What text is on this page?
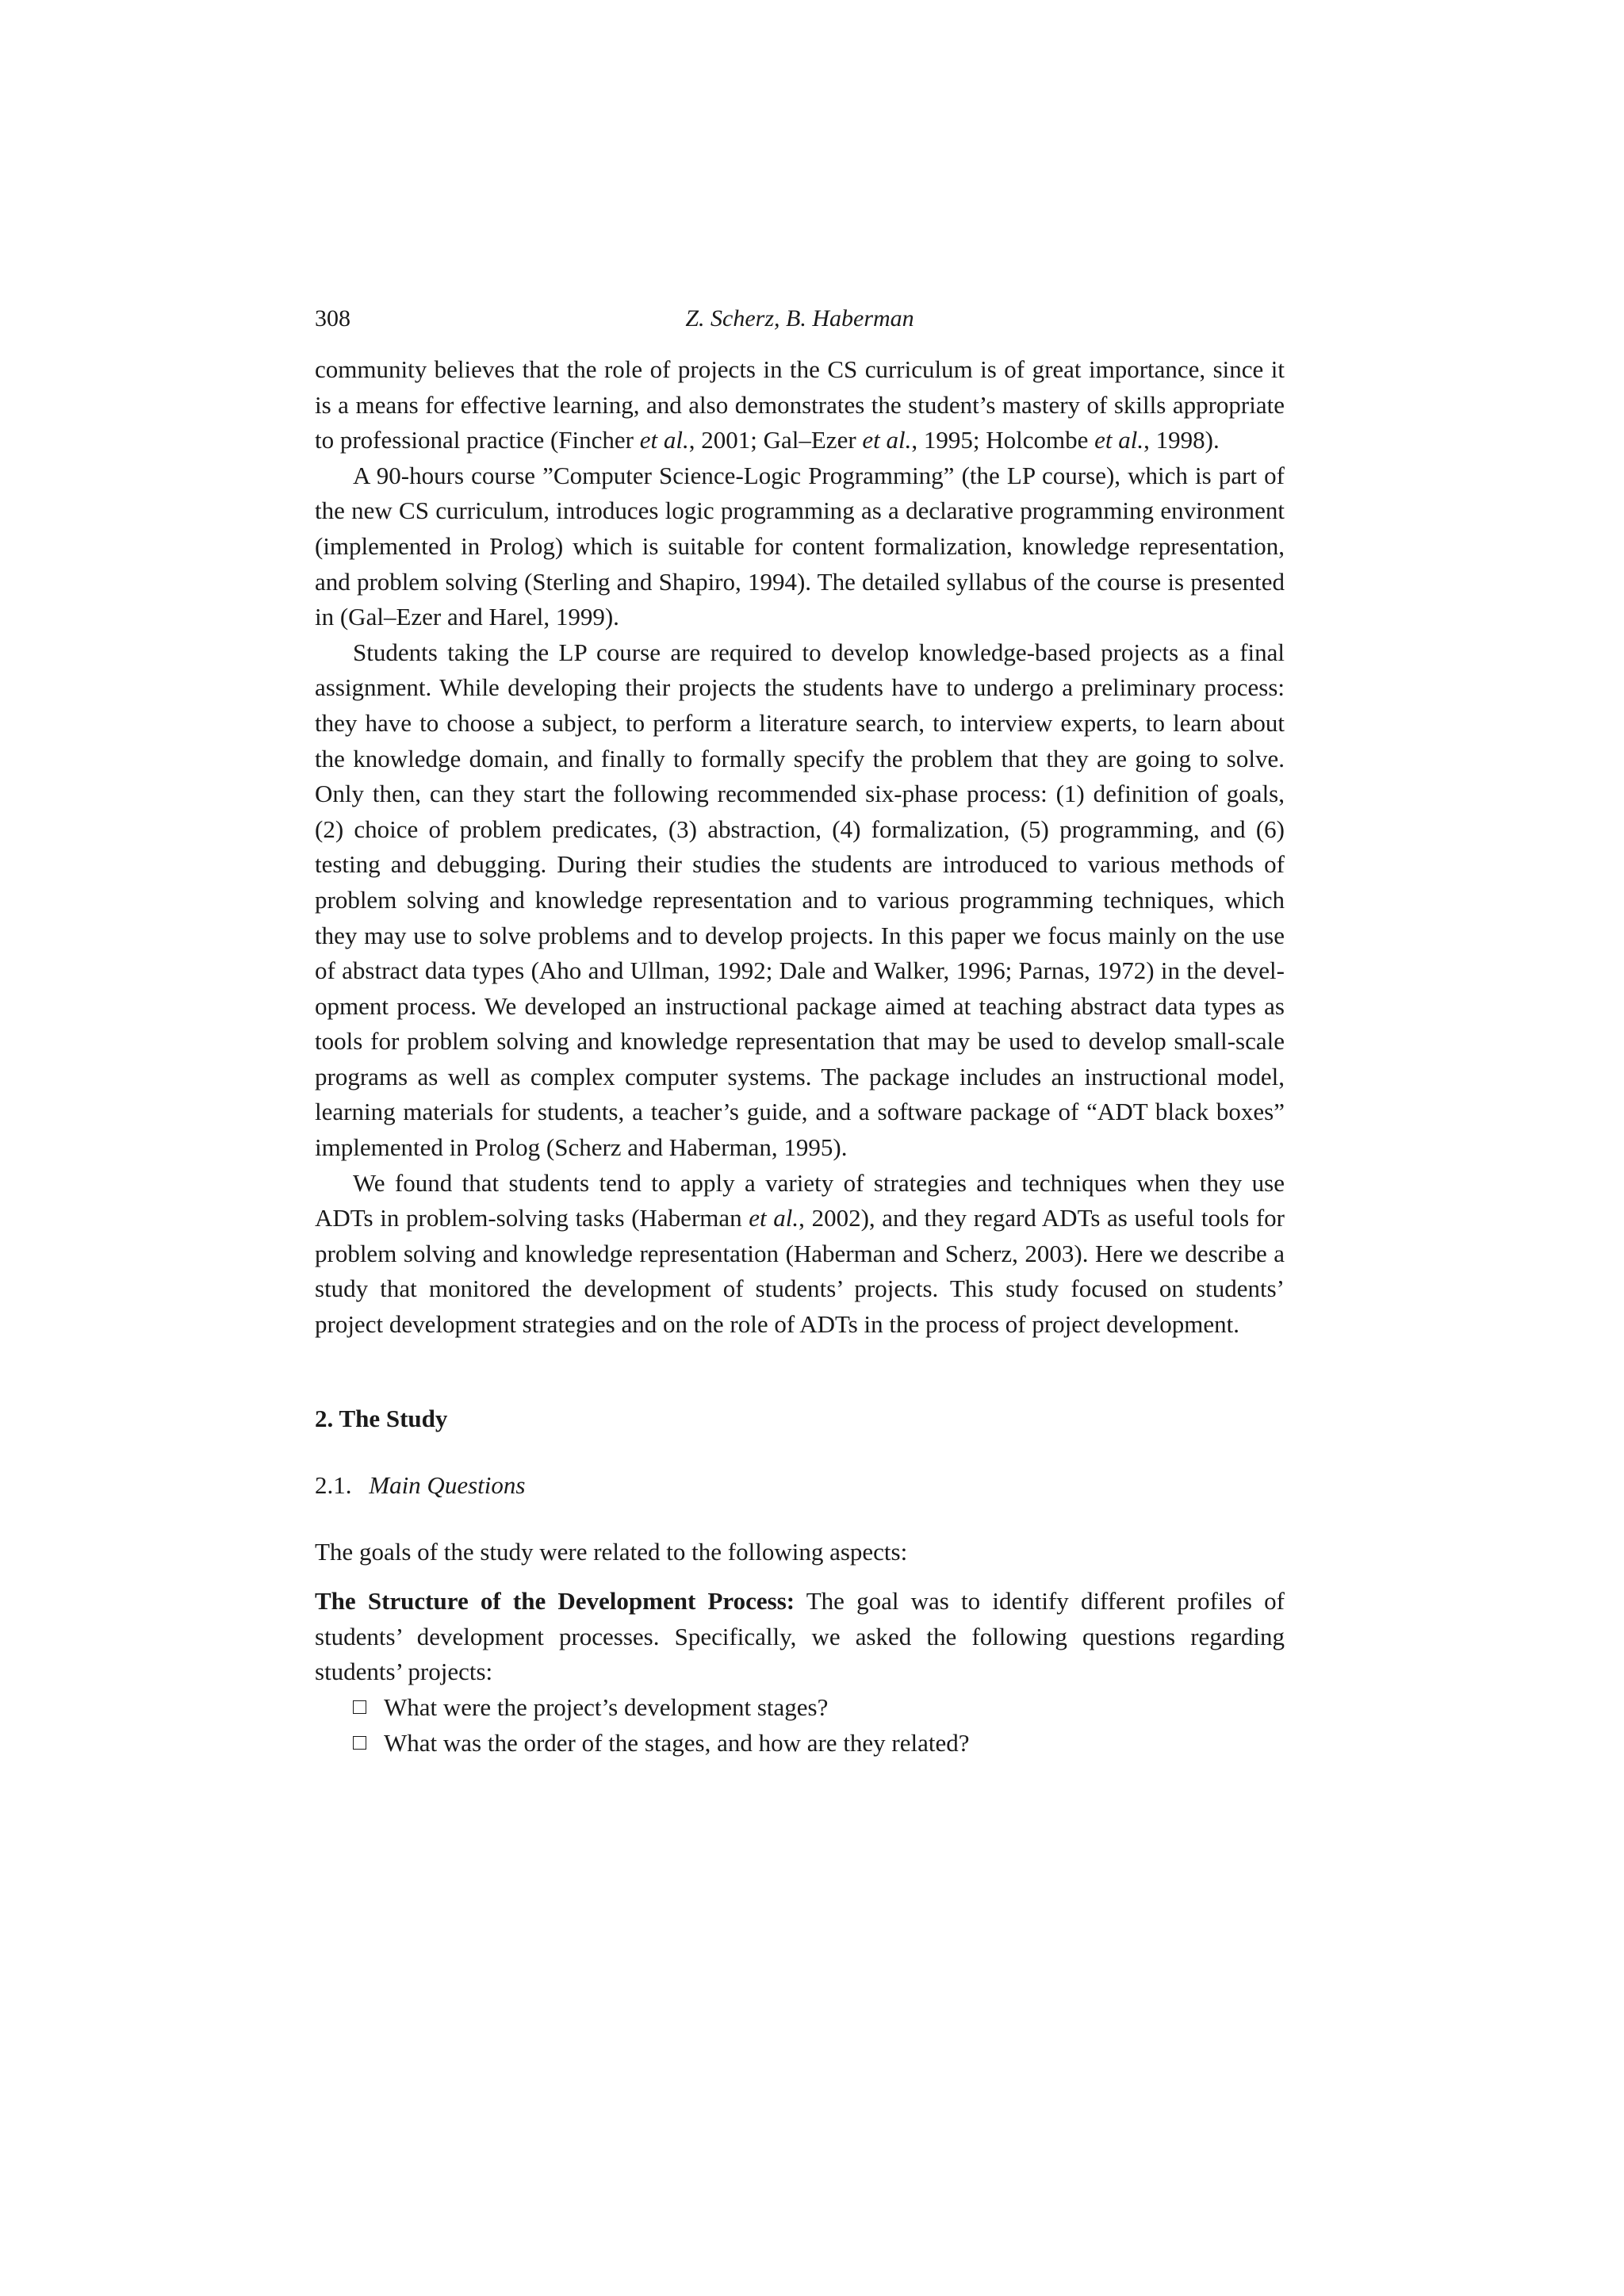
308	Z. Scherz, B. Haberman

community believes that the role of projects in the CS curriculum is of great importance, since it is a means for effective learning, and also demonstrates the student’s mastery of skills appropriate to professional practice (Fincher et al., 2001; Gal–Ezer et al., 1995; Holcombe et al., 1998).

A 90-hours course ”Computer Science-Logic Programming” (the LP course), which is part of the new CS curriculum, introduces logic programming as a declarative programming environment (implemented in Prolog) which is suitable for content formalization, knowledge representation, and problem solving (Sterling and Shapiro, 1994). The detailed syllabus of the course is presented in (Gal–Ezer and Harel, 1999).

Students taking the LP course are required to develop knowledge-based projects as a final assignment. While developing their projects the students have to undergo a preliminary process: they have to choose a subject, to perform a literature search, to interview experts, to learn about the knowledge domain, and finally to formally specify the problem that they are going to solve. Only then, can they start the following recommended six-phase process: (1) definition of goals, (2) choice of problem predicates, (3) abstraction, (4) formalization, (5) programming, and (6) testing and debugging. During their studies the students are introduced to various methods of problem solving and knowledge representation and to various programming techniques, which they may use to solve problems and to develop projects. In this paper we focus mainly on the use of abstract data types (Aho and Ullman, 1992; Dale and Walker, 1996; Parnas, 1972) in the development process. We developed an instructional package aimed at teaching abstract data types as tools for problem solving and knowledge representation that may be used to develop small-scale programs as well as complex computer systems. The package includes an instructional model, learning materials for students, a teacher’s guide, and a software package of “ADT black boxes” implemented in Prolog (Scherz and Haberman, 1995).

We found that students tend to apply a variety of strategies and techniques when they use ADTs in problem-solving tasks (Haberman et al., 2002), and they regard ADTs as useful tools for problem solving and knowledge representation (Haberman and Scherz, 2003). Here we describe a study that monitored the development of students’ projects. This study focused on students’ project development strategies and on the role of ADTs in the process of project development.

2. The Study
2.1. Main Questions

The goals of the study were related to the following aspects:

The Structure of the Development Process: The goal was to identify different profiles of students’ development processes. Specifically, we asked the following questions regarding students’ projects:

What were the project’s development stages?
What was the order of the stages, and how are they related?
